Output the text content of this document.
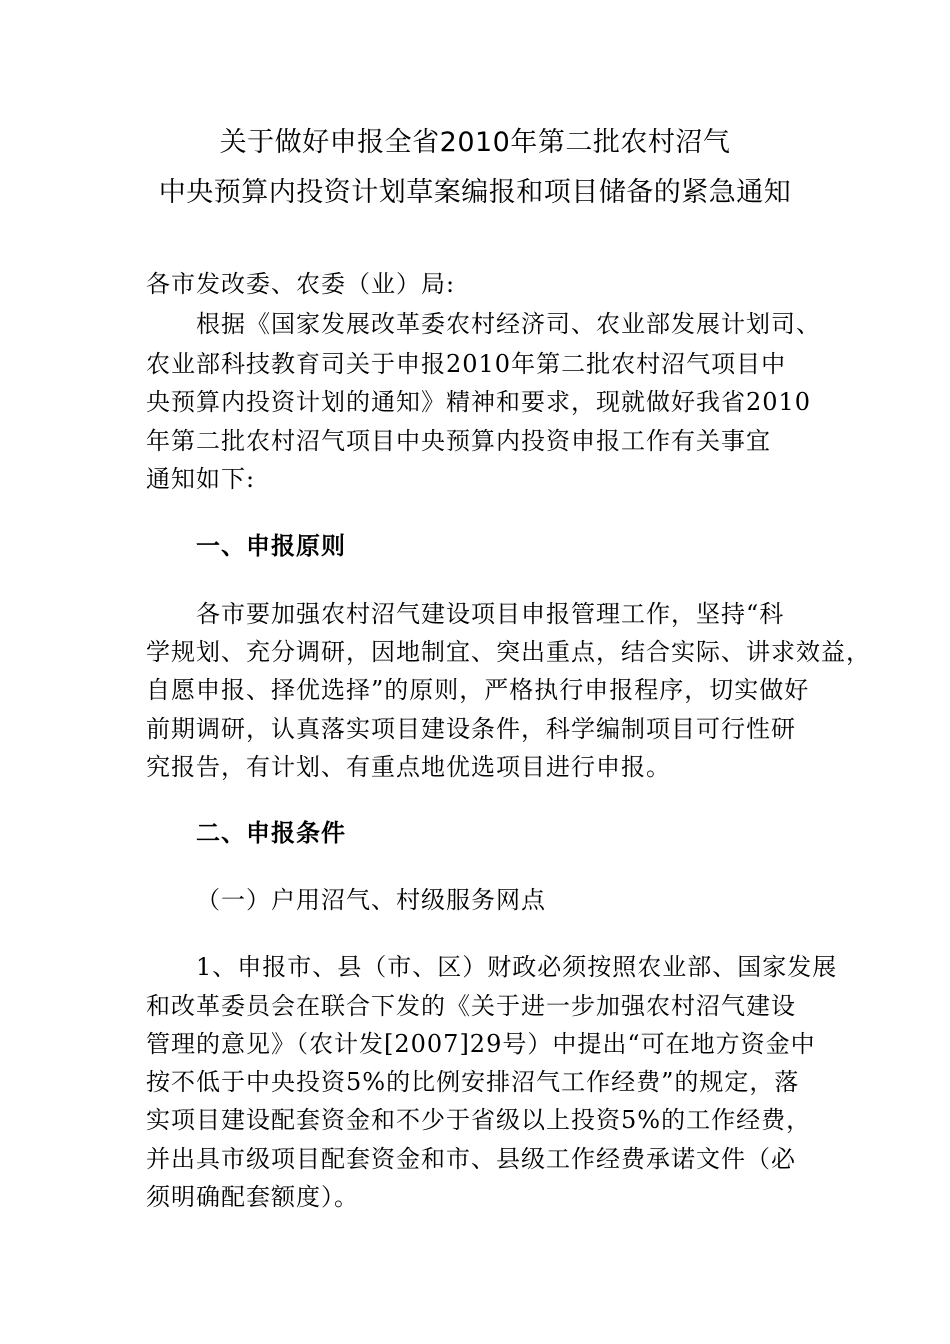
关于做好申报全省2010年第二批农村沼气
中央预算内投资计划草案编报和项目储备的紧急通知
各市发改委、农委（业）局:
根据《国家发展改革委农村经济司、农业部发展计划司、
农业部科技教育司关于申报2010年第二批农村沼气项目中
央预算内投资计划的通知》精神和要求，现就做好我省2010
年第二批农村沼气项目中央预算内投资申报工作有关事宜
通知如下:
一、申报原则
各市要加强农村沼气建设项目申报管理工作，坚持“科
学规划、充分调研，因地制宜、突出重点，结合实际、讲求效益，
自愿申报、择优选择”的原则，严格执行申报程序，切实做好
前期调研，认真落实项目建设条件，科学编制项目可行性研
究报告，有计划、有重点地优选项目进行申报。
二、申报条件
（一）户用沼气、村级服务网点
1、申报市、县（市、区）财政必须按照农业部、国家发展
和改革委员会在联合下发的《关于进一步加强农村沼气建设
管理的意见》（农计发[2007]29号）中提出“可在地方资金中
按不低于中央投资5%的比例安排沼气工作经费”的规定，落
实项目建设配套资金和不少于省级以上投资5%的工作经费，
并出具市级项目配套资金和市、县级工作经费承诺文件（必
须明确配套额度）。
